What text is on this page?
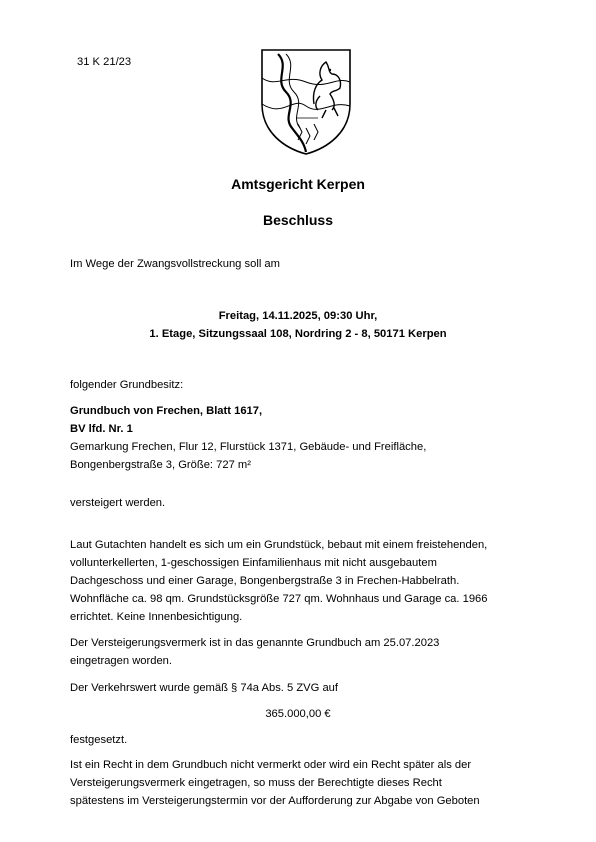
31 K 21/23
Amtsgericht Kerpen
Beschluss
Im Wege der Zwangsvollstreckung soll am
Freitag, 14.11.2025, 09:30 Uhr,
1. Etage, Sitzungssaal 108, Nordring 2 - 8, 50171 Kerpen
folgender Grundbesitz:
Grundbuch von Frechen, Blatt 1617,
BV lfd. Nr. 1
Gemarkung Frechen, Flur 12, Flurstück 1371, Gebäude- und Freifläche,
Bongenbergstraße 3, Größe: 727 m²
versteigert werden.
Laut Gutachten handelt es sich um ein Grundstück, bebaut mit einem freistehenden,
vollunterkellerten, 1-geschossigen Einfamilienhaus mit nicht ausgebautem
Dachgeschoss und einer Garage, Bongenbergstraße 3 in Frechen-Habbelrath.
Wohnfläche ca. 98 qm. Grundstücksgröße 727 qm. Wohnhaus und Garage ca. 1966
errichtet. Keine Innenbesichtigung.
Der Versteigerungsvermerk ist in das genannte Grundbuch am 25.07.2023
eingetragen worden.
Der Verkehrswert wurde gemäß § 74a Abs. 5 ZVG auf
365.000,00 €
festgesetzt.
Ist ein Recht in dem Grundbuch nicht vermerkt oder wird ein Recht später als der
Versteigerungsvermerk eingetragen, so muss der Berechtigte dieses Recht
spätestens im Versteigerungstermin vor der Aufforderung zur Abgabe von Geboten
